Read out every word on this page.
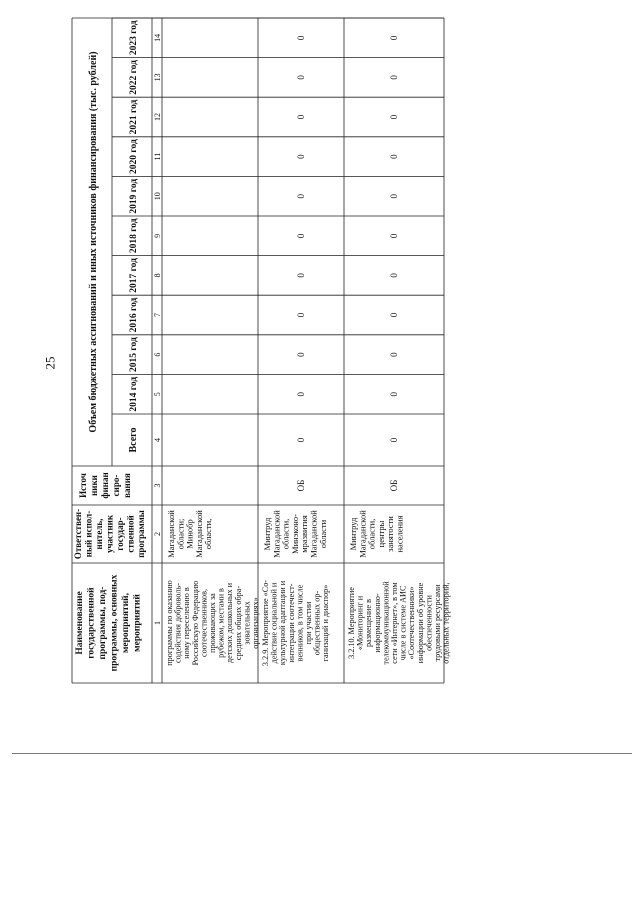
25
Наименование государственной программы, под- программы, основных мероприятий, мероприятий
Ответствен- ный испол- нитель, участник государ- ственной программы
Источ ники финан сиро- вания
Объем бюджетных ассигнований и иных источников финансирования (тыс. рублей)
Всего
2014 год
2015 год
2016 год
2017 год
2018 год
2019 год
2020 год
2021 год
2022 год
2023 год
1
2
3
4
5
6
7
8
9
10
11
12
13
14
программы по оказанию содействия доброволь- ному переселению в Российскую Федерацию соотечественников, проживающих за рубежом, местами в детских дошкольных и средних общих обра- зовательных организациях»
Магаданской области; Минобр Магаданской области,
3.2.9. Мероприятие «Со- действие социальной и культурной адаптации и интеграции соотечест- венников, в том числе при участии общественных ор- ганизаций и диаспор»
Минтруд Магаданской области, Минэконо- мразвития Магаданской области
ОБ
0
0
0
0
0
0
0
0
0
0
0
3.2.10. Мероприятие «Мониторинг и размещение в информационно- телекоммуникационной сети «Интернет», в том числе в системе АИС «Соотечественники» информации об уровне обеспеченности трудовыми ресурсами отдельных территорий,
Минтруд Магаданской области, центры занятости населения
ОБ
0
0
0
0
0
0
0
0
0
0
0
